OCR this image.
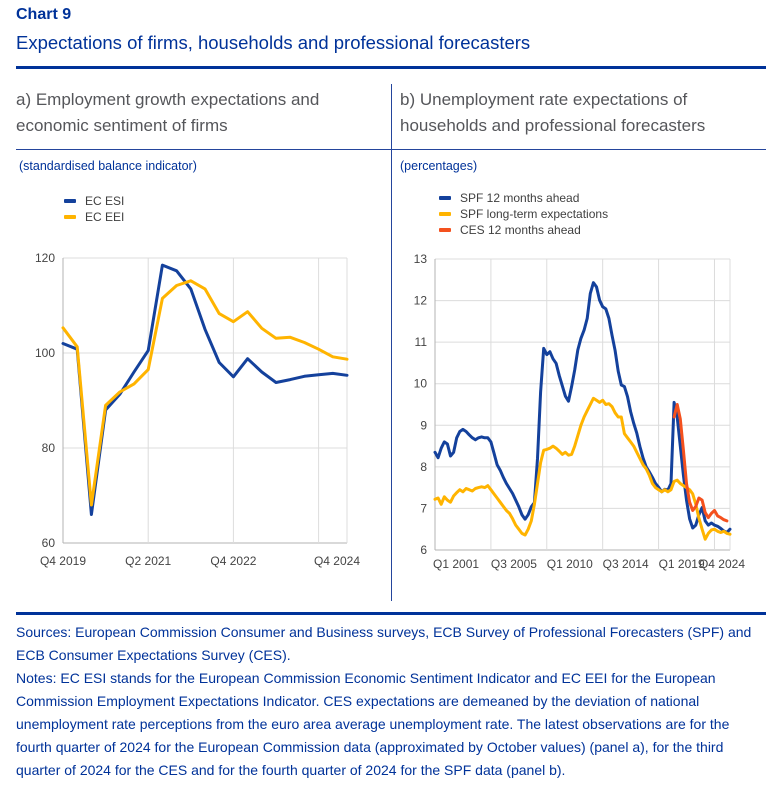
Chart 9
Expectations of firms, households and professional forecasters
a) Employment growth expectations and economic sentiment of firms
b) Unemployment rate expectations of households and professional forecasters
(standardised balance indicator)	(percentages)
EC ESI
EC EEI
SPF 12 months ahead
SPF long-term expectations
CES 12 months ahead
60
80
100
120
Q4 2019	Q2 2021	Q4 2022	Q4 2024
6
7
8
9
10
11
12
13
Q1 2001 Q3 2005 Q1 2010 Q3 2014 Q1 2019
Q4 2024

Sources: European Commission Consumer and Business surveys, ECB Survey of Professional Forecasters (SPF) and ECB Consumer Expectations Survey (CES).

Notes: EC ESI stands for the European Commission Economic Sentiment Indicator and EC EEI for the European Commission Employment Expectations Indicator. CES expectations are demeaned by the deviation of national unemployment rate perceptions from the euro area average unemployment rate. The latest observations are for the fourth quarter of 2024 for the European Commission data (approximated by October values) (panel a), for the third quarter of 2024 for the CES and for the fourth quarter of 2024 for the SPF data (panel b).
